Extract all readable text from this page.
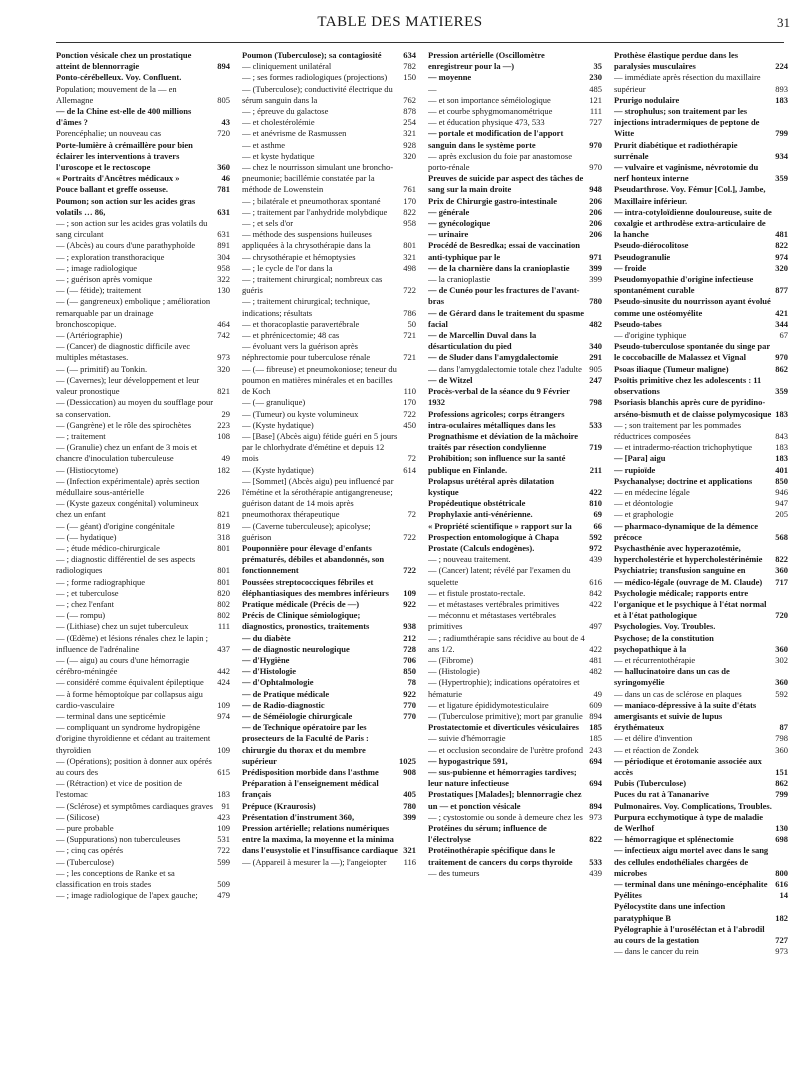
TABLE DES MATIERES	31
Ponction vésicale chez un prostatique atteint de blennorragie	894
Ponto-cérébelleux. Voy. Confluent.
Population; mouvement de la — en Allemagne	805
— de la Chine est-elle de 400 millions d'âmes ?	43
Porencéphalie; un nouveau cas	720
Porte-lumière à crémaillère pour bien éclairer les interventions à travers l'uroscope et le rectoscope	360
« Portraits d'Ancêtres médicaux »	46
Pouce ballant et greffe osseuse.	781
Poumon; son action sur les acides gras volatils … 86,	631
— ; son action sur les acides gras volatils du sang circulant	631
— (Abcès) au cours d'une parathyphoïde	891
— ; exploration transthoracique	304
— ; image radiologique	958
— ; guérison après vomique	322
— (— fétide); traitement	130
— (— gangreneux) embolique ; amélioration remarquable par un drainage bronchoscopique.	464
— (Artériographie)	742
— (Cancer) de diagnostic difficile avec multiples métastases.	973
— (— primitif) au Tonkin.	320
— (Cavernes); leur développement et leur valeur pronostique	821
— (Dessiccation) au moyen du soufflage pour sa conservation.	29
— (Gangrène) et le rôle des spirochètes	223
— ; traitement	108
— (Granulie) chez un enfant de 3 mois et chancre d'inoculation tuberculeuse	49
— (Histiocytome)	182
— (Infection expérimentale) après section médullaire sous-antérielle	226
— (Kyste gazeux congénital) volumineux chez un enfant	821
— (— géant) d'origine congénitale	819
— (— hydatique)	318
— ; étude médico-chirurgicale	801
— ; diagnostic différentiel de ses aspects radiologiques	801
— ; forme radiographique	801
— ; et tuberculose	820
— ; chez l'enfant	802
— (— rompu)	802
— (Lithiase) chez un sujet tuberculeux	111
— (Œdème) et lésions rénales chez le lapin ; influence de l'adrénaline	437
— (— aigu) au cours d'une hémorragie cérébro-méningée	442
— considéré comme équivalent épileptique	424
— à forme hémoptoïque par collapsus aigu cardio-vasculaire	109
— terminal dans une septicémie	974
— compliquant un syndrome hydropigène d'origine thyroïdienne et cédant au traitement thyroïdien	109
— (Opérations); position à donner aux opérés au cours des	615
— (Rétraction) et vice de position de l'estomac	183
— (Sclérose) et symptômes cardiaques graves	91
— (Silicose)	423
— pure probable	109
— (Suppurations) non tuberculeuses	531
— ; cinq cas opérés	722
— (Tuberculose)	599
— ; les conceptions de Ranke et sa classification en trois stades	509
— ; image radiologique de l'apex gauche;	479
Poumon (Tuberculose); sa contagiosité	634
— cliniquement unilatéral	782
— ; ses formes radiologiques (projections)	150
— (Tuberculose); conductivité électrique du sérum sanguin dans la	762
— ; épreuve du galactose	878
— et cholestérolémie	254
— et anévrisme de Rasmussen	321
— et asthme	928
— et kyste hydatique	320
— chez le nourrisson simulant une broncho-pneumonie; bacillémie constatée par la méthode de Lowenstein	761
— ; bilatérale et pneumothorax spontané	170
— ; traitement par l'anhydride molybdique	822
— ; et sels d'or	958
— méthode des suspensions huileuses appliquées à la chrysothérapie dans la	801
— chrysothérapie et hémoptysies	321
— ; le cycle de l'or dans la	498
— ; traitement chirurgical; nombreux cas guéris	722
— ; traitement chirurgical; technique, indications; résultats	786
— et thoracoplastie paravertébrale	50
— et phrénicectomie; 48 cas	721
— évoluant vers la guérison après néphrectomie pour tuberculose rénale	721
— (— fibreuse) et pneumokoniose; teneur du poumon en matières minérales et en bacilles de Koch	110
— (— granulique)	170
— (Tumeur) ou kyste volumineux	722
— (Kyste hydatique)	450
— [Base] (Abcès aigu) fétide guéri en 5 jours par le chlorhydrate d'émétine et depuis 12 mois	72
— (Kyste hydatique)	614
— [Sommet] (Abcès aigu) peu influencé par l'émétine et la sérothérapie antigangreneuse; guérison datant de 14 mois après pneumothorax thérapeutique	72
— (Caverne tuberculeuse); apicolyse; guérison	722
Pouponnière pour élevage d'enfants prématurés, débiles et abandonnés, son fonctionnement	722
Poussées streptococciques fébriles et éléphantiasiques des membres inférieurs	109
Pratique médicale (Précis de —)	922
Précis de Clinique sémiologique; diagnostics, pronostics, traitements	938
— du diabète	212
— de diagnostic neurologique	728
— d'Hygiène	706
— d'Histologie	850
— d'Ophtalmologie	78
— de Pratique médicale	922
— de Radio-diagnostic	770
— de Séméiologie chirurgicale	770
— de Technique opératoire par les prosecteurs de la Faculté de Paris : chirurgie du thorax et du membre supérieur	1025
Prédisposition morbide dans l'asthme	908
Préparation à l'enseignement médical français	405
Prépuce (Kraurosis)	780
Présentation d'instrument 360,	399
Pression artérielle; relations numériques entre la maxima, la moyenne et la minima dans l'eusystolie et l'insuffisance cardiaque 321
— (Appareil à mesurer la —); l'angeiopter	116
Pression artérielle (Oscillomètre enregistreur pour la —)	35
— moyenne	230
—	485
— et son importance séméiologique	121
— et courbe sphygmomanométrique	111
— et éducation physique 473, 533	727
— portale et modification de l'apport sanguin dans le système porte	970
— après exclusion du foie par anastomose porto-rénale	970
Preuves de suicide par aspect des tâches de sang sur la main droite	948
Prix de Chirurgie gastro-intestinale	206
— générale	206
— gynécologique	206
— urinaire	206
Procédé de Besredka; essai de vaccination anti-typhique par le	971
— de la charnière dans la cranioplastie	399
— la cranioplastie	399
— de Cunéo pour les fractures de l'avant-bras	780
— de Gérard dans le traitement du spasme facial	482
— de Marcellin Duval dans la désarticulation du pied	340
— de Sluder dans l'amygdalectomie	291
— dans l'amygdalectomie totale chez l'adulte 905
— de Witzel	247
Procès-verbal de la séance du 9 Février 1932	798
Professions agricoles; corps étrangers intra-oculaires métalliques dans les	533
Prognathisme et déviation de la mâchoire traités par résection condylienne	719
Prohibition; son influence sur la santé publique en Finlande.	211
Prolapsus urétéral après dilatation kystique	422
Propédeutique obstétricale	810
Prophylaxie anti-vénérienne.	69
« Propriété scientifique » rapport sur la	66
Prospection entomologique à Chapa	592
Prostate (Calculs endogènes).	972
— ; nouveau traitement.	439
— (Cancer) latent; révélé par l'examen du squelette	616
— et fistule prostato-rectale.	842
— et métastases vertébrales primitives	422
— méconnu et métastases vertébrales primitives	497
— ; radiumthérapie sans récidive au bout de 4 ans 1/2.	422
— (Fibrome)	481
— (Histologie)	482
— (Hypertrophie); indications opératoires et hématurie	49
— et ligature épididymotesticulaire	609
— (Tuberculose primitive); mort par granulie 894
Prostatectomie et diverticules vésiculaires	185
— suivie d'hémorragie	185
— et occlusion secondaire de l'urètre profond 243
— hypogastrique 591,	694
— sus-pubienne et hémorragies tardives; leur nature infectieuse	694
Prostatiques [Malades]; blennorragie chez un — et ponction vésicale	894
— ; cystostomie ou sonde à demeure chez les 973
Protéines du sérum; influence de l'électrolyse	822
Protéinothérapie spécifique dans le traitement de cancers du corps thyroïde	533
— des tumeurs	439
Prothèse élastique perdue dans les paralysies musculaires	224
— immédiate après résection du maxillaire supérieur	893
Prurigo nodulaire	183
— strophulus; son traitement par les injections intradermiques de peptone de Witte	799
Prurit diabétique et radiothérapie surrénale	934
— vulvaire et vaginisme, névrotomie du nerf honteux interne	359
Pseudarthrose. Voy. Fémur [Col.], Jambe, Maxillaire inférieur.
— intra-cotyloïdienne douloureuse, suite de coxalgie et arthrodèse extra-articulaire de la hanche	481
Pseudo-diérocolitose	822
Pseudogranulie	974
— froide	320
Pseudomyopathie d'origine infectieuse spontanément curable	877
Pseudo-sinusite du nourrisson ayant évolué comme une ostéomyélite	421
Pseudo-tabes	344
— d'origine typhique	67
Pseudo-tuberculose spontanée du singe par le coccobacille de Malassez et Vignal	970
Psoas iliaque (Tumeur maligne)	862
Psoïtis primitive chez les adolescents : 11 observations	359
Psoriasis blanchis après cure de pyridino-arséno-bismuth et de claisse polymycosique 183
— ; son traitement par les pommades réductrices composées	843
— et intradermo-réaction trichophytique	183
— [Para] aigu	183
— rupioïde	401
Psychanalyse; doctrine et applications	850
— en médecine légale	946
— et déontologie	947
— et graphologie	205
— pharmaco-dynamique de la démence précoce	568
Psychasthénie avec hyperazotémie, hypercholestérie et hypercholestérinémie	822
Psychiatrie; transfusion sanguine en	360
— médico-légale (ouvrage de M. Claude)	717
Psychologie médicale; rapports entre l'organique et le psychique à l'état normal et à l'état pathologique	720
Psychologies. Voy. Troubles.
Psychose; de la constitution psychopathique à la	360
— et récurrentothérapie	302
— hallucinatoire dans un cas de syringomyélie	360
— dans un cas de sclérose en plaques	592
— maniaco-dépressive à la suite d'états amergisants et suivie de lupus érythémateux	87
— et délire d'invention	798
— et réaction de Zondek	360
— périodique et érotomanie associée aux accès	151
Pubis (Tuberculose)	862
Puces du rat à Tananarive	799
Pulmonaires. Voy. Complications, Troubles.
Purpura ecchymotique à type de maladie de Werlhof	130
— hémorragique et splénectomie	698
— infectieux aigu mortel avec dans le sang des cellules endothéliales chargées de microbes	800
— terminal dans une méningo-encéphalite 616
Pyélites	14
Pyélocystite dans une infection paratyphique B	182
Pyélographie à l'uroséléctan et à l'abrodil au cours de la gestation	727
— dans le cancer du rein	973
